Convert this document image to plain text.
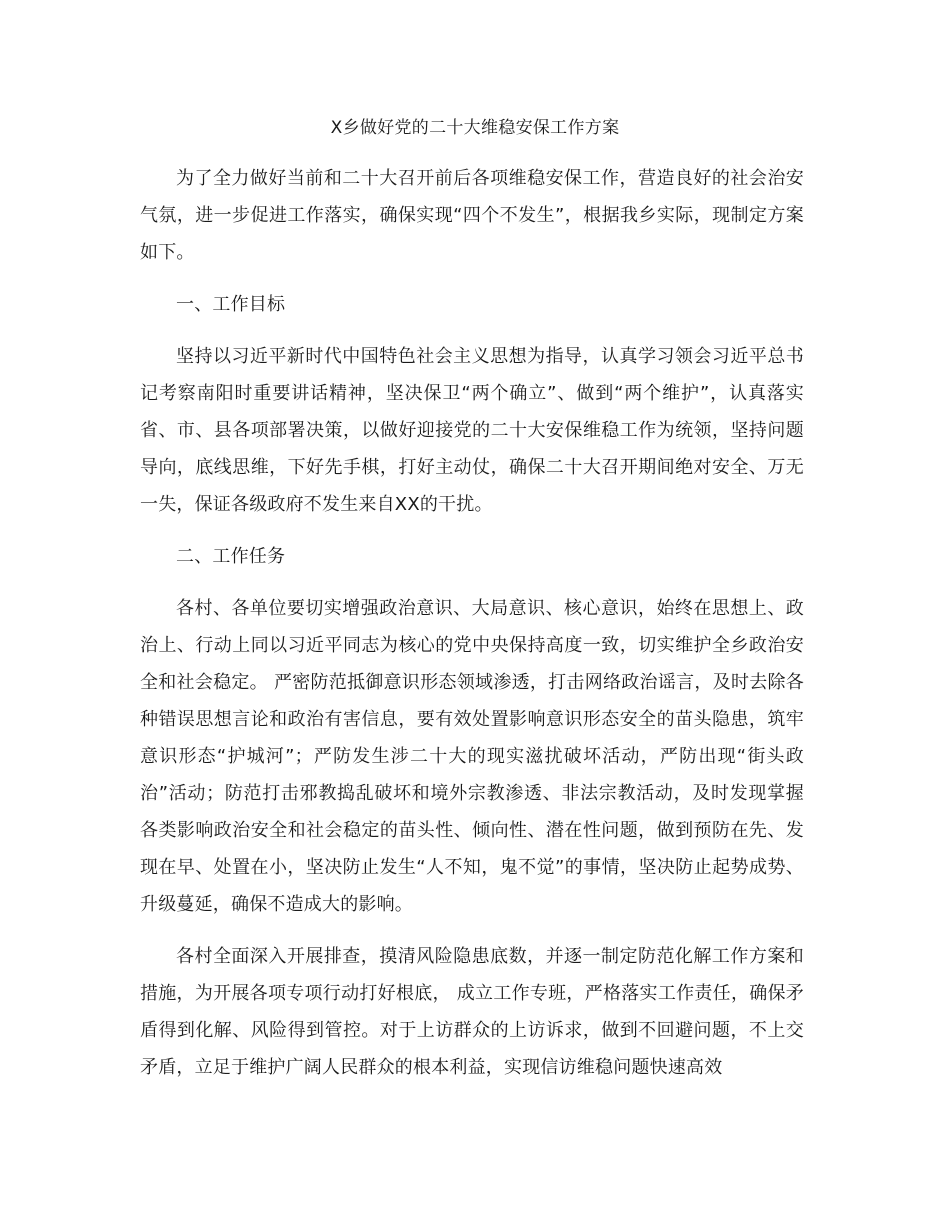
X乡做好党的二十大维稳安保工作方案

为了全力做好当前和二十大召开前后各项维稳安保工作，营造良好的社会治安气氛，进一步促进工作落实，确保实现“四个不发生”，根据我乡实际，现制定方案如下。

一、工作目标

坚持以习近平新时代中国特色社会主义思想为指导，认真学习领会习近平总书记考察南阳时重要讲话精神，坚决保卫“两个确立”、做到“两个维护”，认真落实省、市、县各项部署决策，以做好迎接党的二十大安保维稳工作为统领，坚持问题导向，底线思维，下好先手棋，打好主动仗，确保二十大召开期间绝对安全、万无一失，保证各级政府不发生来自XX的干扰。

二、工作任务

各村、各单位要切实增强政治意识、大局意识、核心意识，始终在思想上、政治上、行动上同以习近平同志为核心的党中央保持高度一致，切实维护全乡政治安全和社会稳定。 严密防范抵御意识形态领域渗透，打击网络政治谣言，及时去除各种错误思想言论和政治有害信息，要有效处置影响意识形态安全的苗头隐患，筑牢意识形态“护城河”；严防发生涉二十大的现实滋扰破坏活动，严防出现“街头政治”活动；防范打击邪教捣乱破坏和境外宗教渗透、非法宗教活动，及时发现掌握各类影响政治安全和社会稳定的苗头性、倾向性、潜在性问题，做到预防在先、发现在早、处置在小，坚决防止发生“人不知，鬼不觉”的事情，坚决防止起势成势、 升级蔓延，确保不造成大的影响。

各村全面深入开展排查，摸清风险隐患底数，并逐一制定防范化解工作方案和措施，为开展各项专项行动打好根底， 成立工作专班，严格落实工作责任，确保矛盾得到化解、风险得到管控。对于上访群众的上访诉求，做到不回避问题，不上交矛盾，立足于维护广阔人民群众的根本利益，实现信访维稳问题快速高效
